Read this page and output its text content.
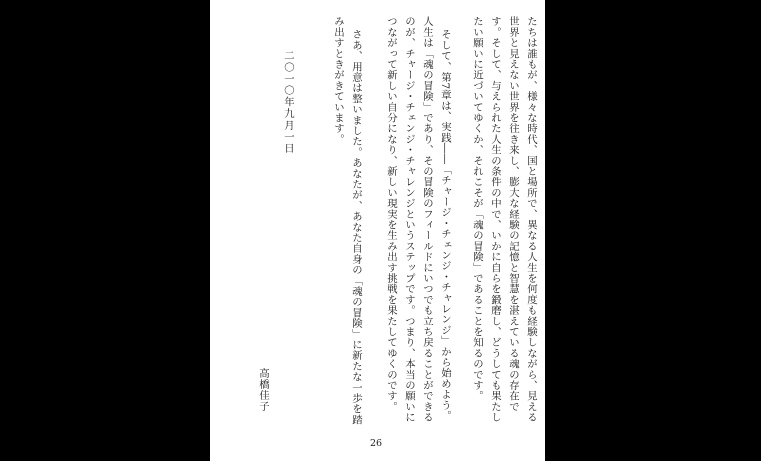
たちは誰もが、様々な時代、国と場所で、異なる人生を何度も経験しながら、見える
世界と見えない世界を往き来し、膨大な経験の記憶と智慧を湛えている魂の存在で
す。そして、与えられた人生の条件の中で、いかに自らを鍛磨し、どうしても果たし
たい願いに近づいてゆくか、それこそが「魂の冒険」であることを知るのです。
そして、第7章は、実践――「チャージ・チェンジ・チャレンジ」から始めよう。
人生は「魂の冒険」であり、その冒険のフィールドにいつでも立ち戻ることができる
のが、チャージ・チェンジ・チャレンジというステップです。つまり、本当の願いに
つながって新しい自分になり、新しい現実を生み出す挑戦を果たしてゆくのです。
さあ、用意は整いました。あなたが、あなた自身の「魂の冒険」に新たな一歩を踏
み出すときがきています。
二〇一〇年九月一日
高橋佳子
26
